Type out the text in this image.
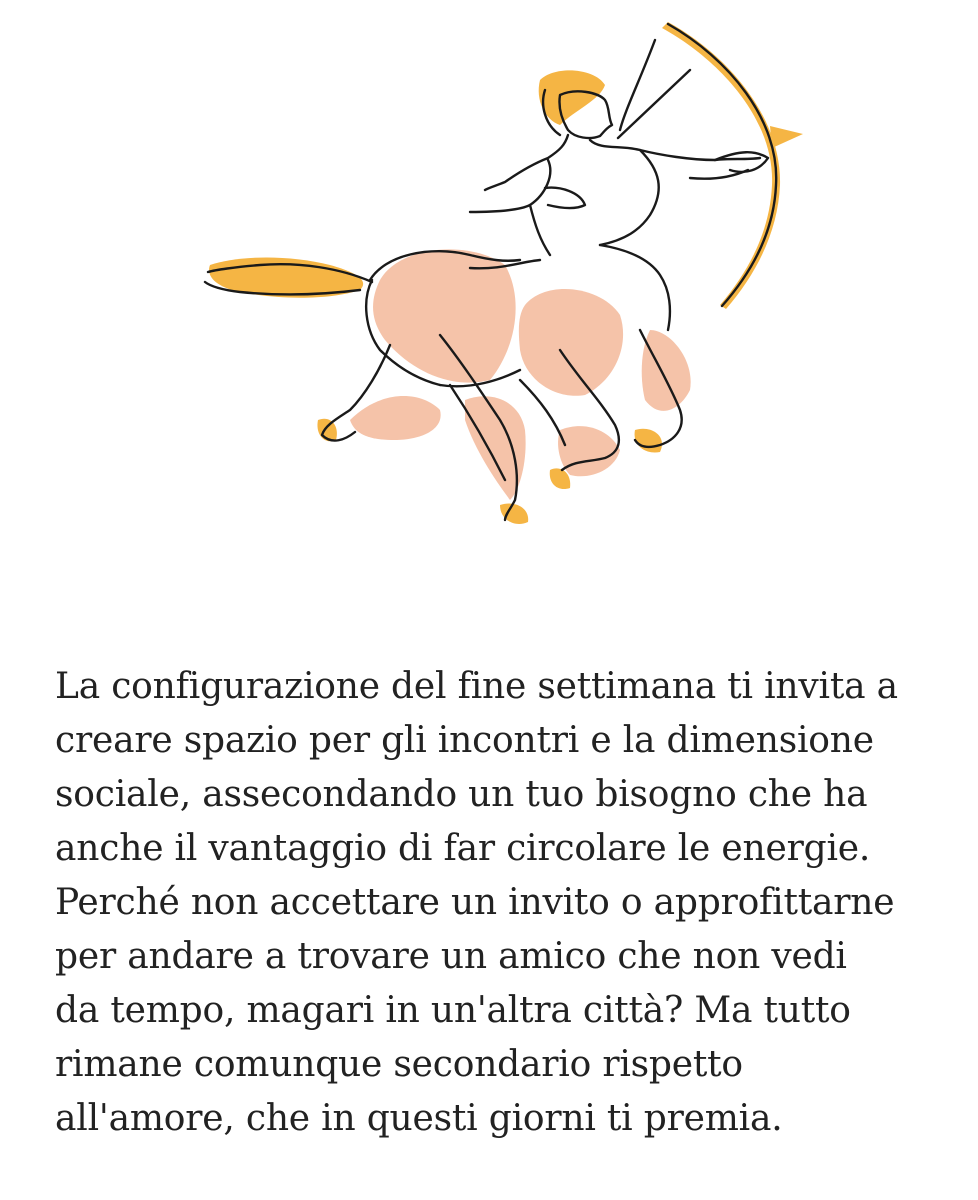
La configurazione del fine settimana ti invita a
creare spazio per gli incontri e la dimensione
sociale, assecondando un tuo bisogno che ha
anche il vantaggio di far circolare le energie.
Perché non accettare un invito o approfittarne
per andare a trovare un amico che non vedi
da tempo, magari in un'altra città? Ma tutto
rimane comunque secondario rispetto
all'amore, che in questi giorni ti premia.
